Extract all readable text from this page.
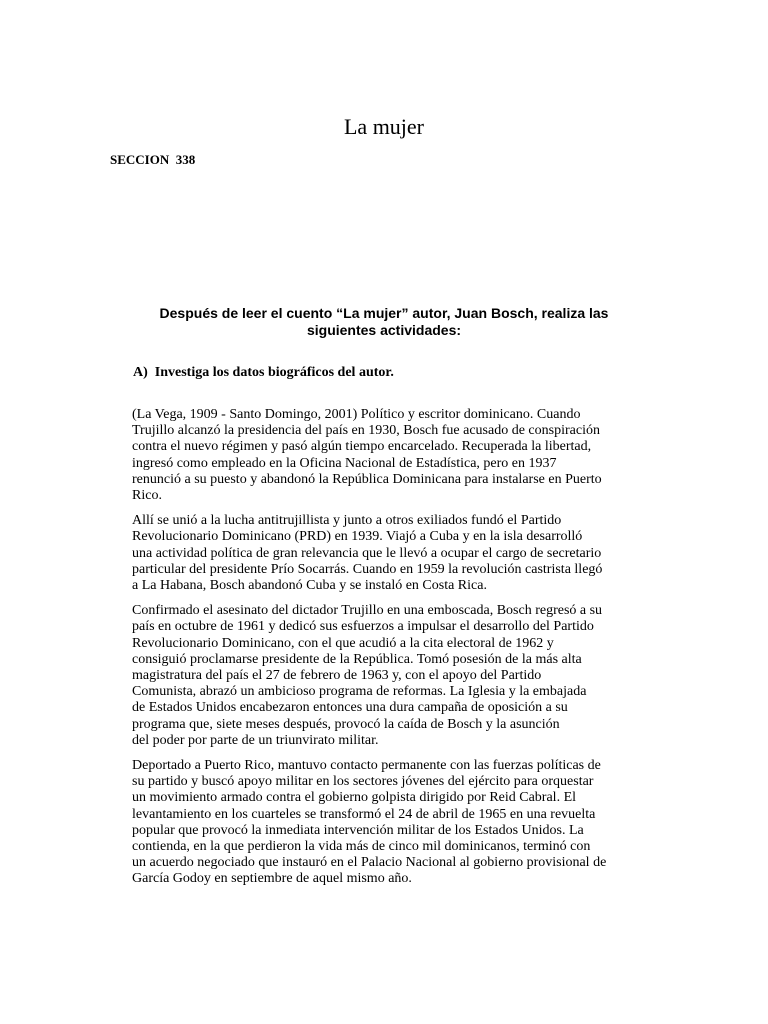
La mujer
SECCION  338
Después de leer el cuento “La mujer” autor, Juan Bosch, realiza las
siguientes actividades:
A)  Investiga los datos biográficos del autor.

(La Vega, 1909 - Santo Domingo, 2001) Político y escritor dominicano. Cuando
Trujillo alcanzó la presidencia del país en 1930, Bosch fue acusado de conspiración
contra el nuevo régimen y pasó algún tiempo encarcelado. Recuperada la libertad,
ingresó como empleado en la Oficina Nacional de Estadística, pero en 1937
renunció a su puesto y abandonó la República Dominicana para instalarse en Puerto
Rico.

Allí se unió a la lucha antitrujillista y junto a otros exiliados fundó el Partido
Revolucionario Dominicano (PRD) en 1939. Viajó a Cuba y en la isla desarrolló
una actividad política de gran relevancia que le llevó a ocupar el cargo de secretario
particular del presidente Prío Socarrás. Cuando en 1959 la revolución castrista llegó
a La Habana, Bosch abandonó Cuba y se instaló en Costa Rica.

Confirmado el asesinato del dictador Trujillo en una emboscada, Bosch regresó a su
país en octubre de 1961 y dedicó sus esfuerzos a impulsar el desarrollo del Partido
Revolucionario Dominicano, con el que acudió a la cita electoral de 1962 y
consiguió proclamarse presidente de la República. Tomó posesión de la más alta
magistratura del país el 27 de febrero de 1963 y, con el apoyo del Partido
Comunista, abrazó un ambicioso programa de reformas. La Iglesia y la embajada
de Estados Unidos encabezaron entonces una dura campaña de oposición a su
programa que, siete meses después, provocó la caída de Bosch y la asunción
del poder por parte de un triunvirato militar.

Deportado a Puerto Rico, mantuvo contacto permanente con las fuerzas políticas de
su partido y buscó apoyo militar en los sectores jóvenes del ejército para orquestar
un movimiento armado contra el gobierno golpista dirigido por Reid Cabral. El
levantamiento en los cuarteles se transformó el 24 de abril de 1965 en una revuelta
popular que provocó la inmediata intervención militar de los Estados Unidos. La
contienda, en la que perdieron la vida más de cinco mil dominicanos, terminó con
un acuerdo negociado que instauró en el Palacio Nacional al gobierno provisional de
García Godoy en septiembre de aquel mismo año.
